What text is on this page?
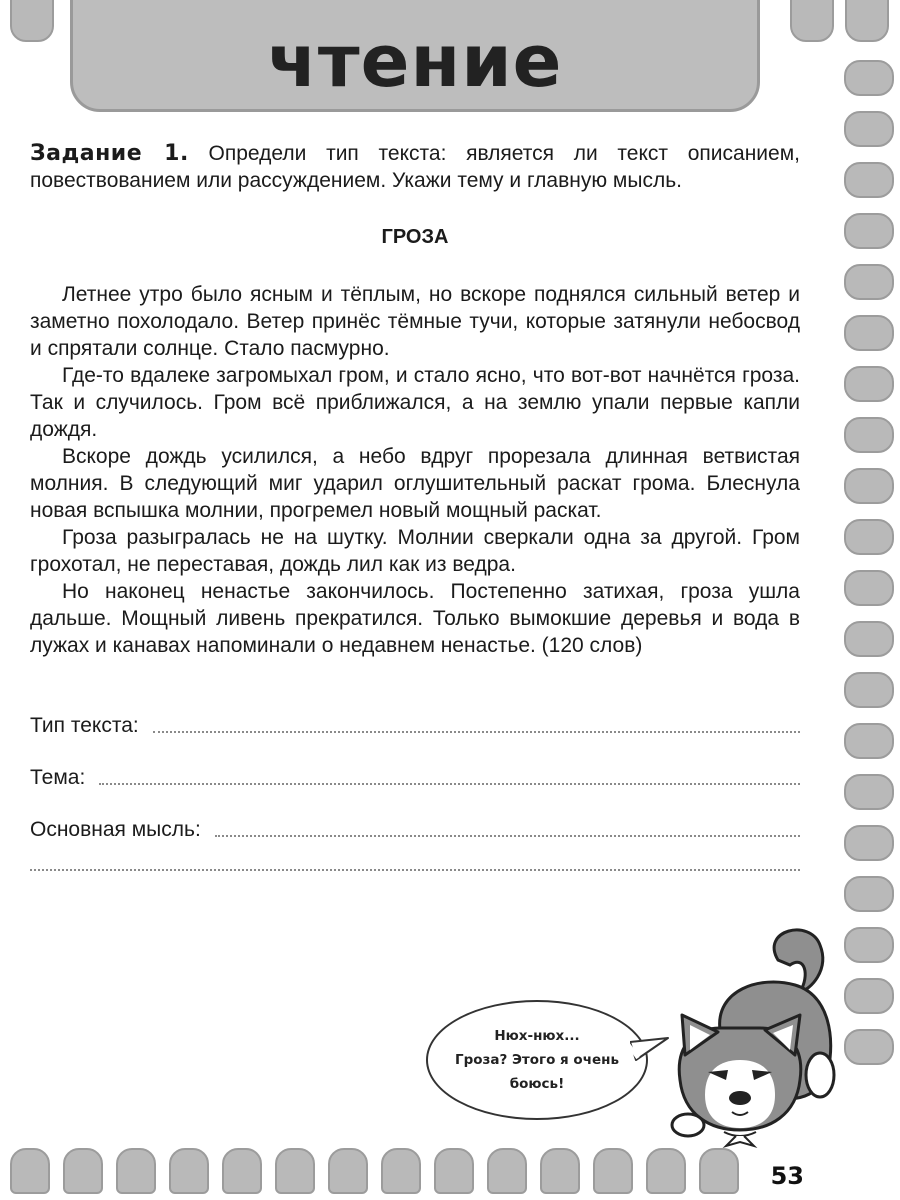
чтение

Задание 1. Определи тип текста: является ли текст описанием, повествованием или рассуждением. Укажи тему и главную мысль.

ГРОЗА

Летнее утро было ясным и тёплым, но вскоре поднялся сильный ветер и заметно похолодало. Ветер принёс тёмные тучи, которые затянули небосвод и спрятали солнце. Стало пасмурно.

Где-то вдалеке загромыхал гром, и стало ясно, что вот-вот начнётся гроза. Так и случилось. Гром всё приближался, а на землю упали первые капли дождя.

Вскоре дождь усилился, а небо вдруг прорезала длинная ветвистая молния. В следующий миг ударил оглушительный раскат грома. Блеснула новая вспышка молнии, прогремел новый мощный раскат.

Гроза разыгралась не на шутку. Молнии сверкали одна за другой. Гром грохотал, не переставая, дождь лил как из ведра.

Но наконец ненастье закончилось. Постепенно затихая, гроза ушла дальше. Мощный ливень прекратился. Только вымокшие деревья и вода в лужах и канавах напоминали о недавнем ненастье. (120 слов)

Тип текста:
Тема:
Основная мысль:
Нюх-нюх...
Гроза? Этого я очень
боюсь!
53
